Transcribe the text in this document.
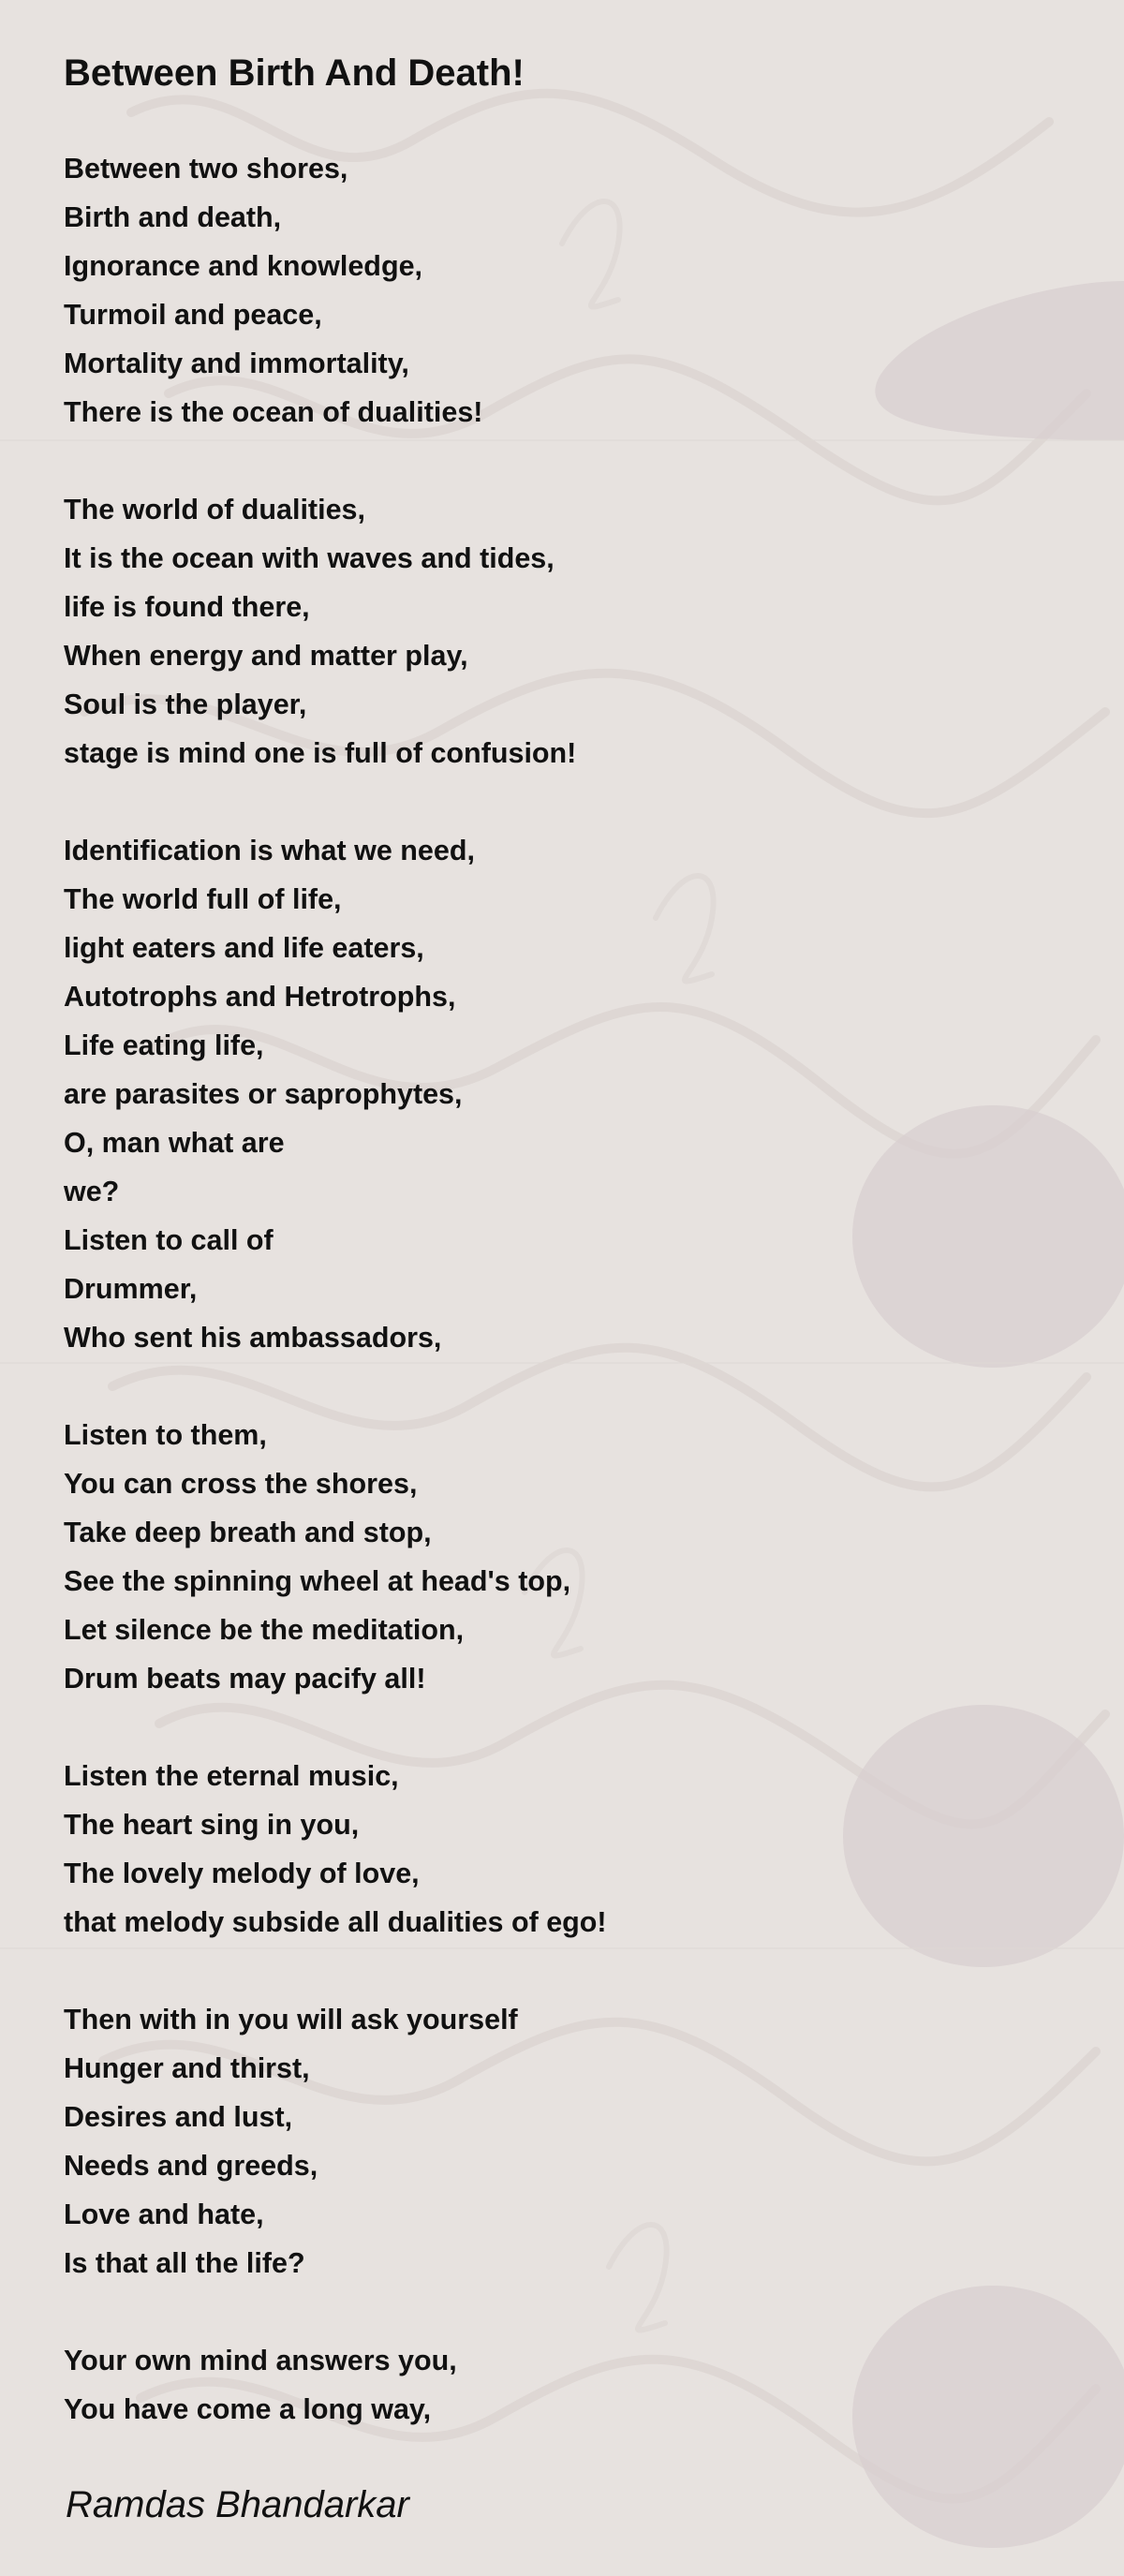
Between Birth And Death!
Between two shores,
Birth and death,
Ignorance and knowledge,
Turmoil and peace,
Mortality and immortality,
There is the ocean of dualities!
The world of dualities,
It is the ocean with waves and tides,
life is found there,
When energy and matter play,
Soul is the player,
stage is mind one is full of confusion!
Identification is what we need,
The world full of life,
light eaters and life eaters,
Autotrophs and Hetrotrophs,
Life eating life,
are parasites or saprophytes,
O, man what are
we?
Listen to call of
Drummer,
Who sent his ambassadors,
Listen to them,
You can cross the shores,
Take deep breath and stop,
See the spinning wheel at head's top,
Let silence be the meditation,
Drum beats may pacify all!
Listen the eternal music,
The heart sing in you,
The lovely melody of love,
that melody subside all dualities of ego!
Then with in you will ask yourself
Hunger and thirst,
Desires and lust,
Needs and greeds,
Love and hate,
Is that all the life?
Your own mind answers you,
You have come a long way,
Ramdas Bhandarkar
